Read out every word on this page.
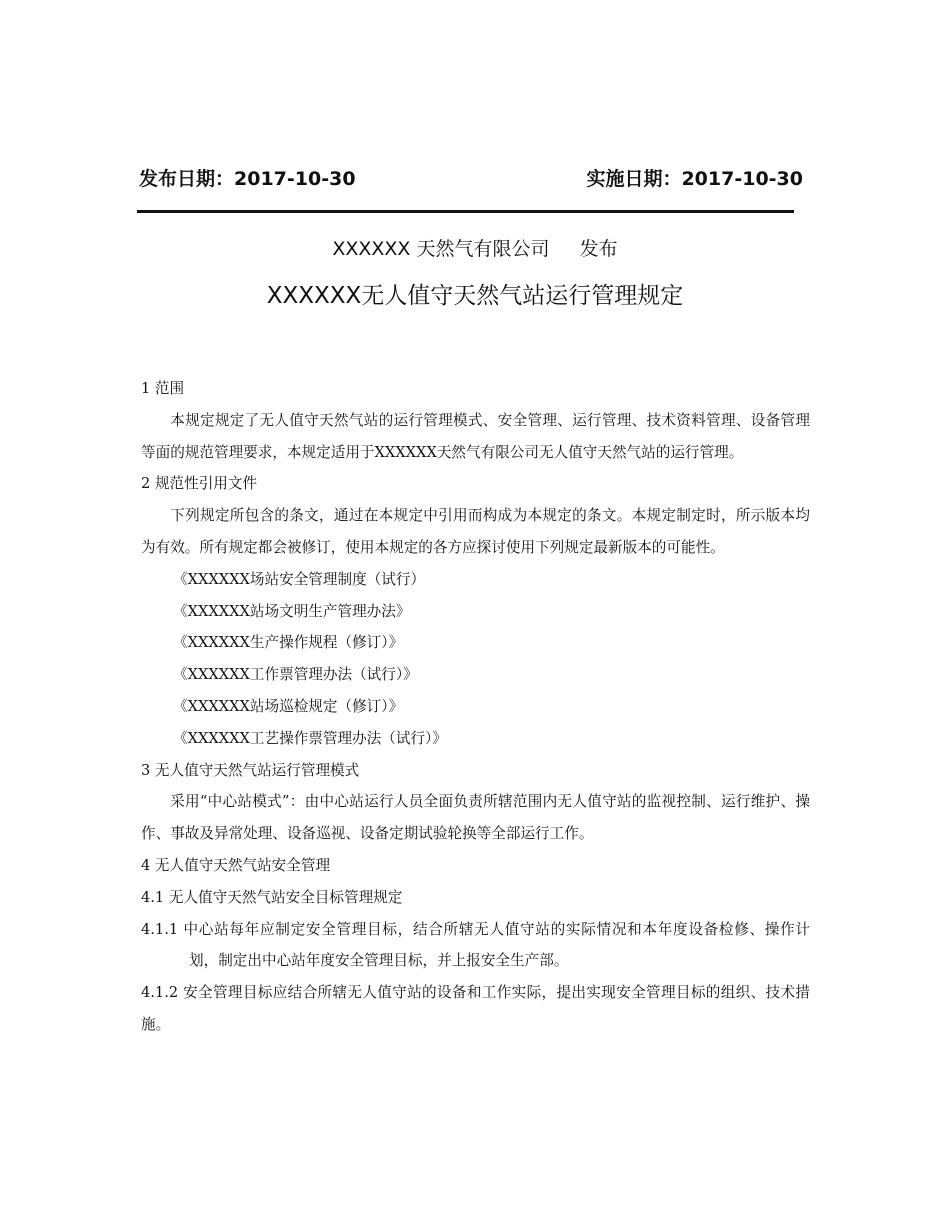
发布日期：2017-10-30	实施日期：2017-10-30
XXXXXX 天然气有限公司     发布
XXXXXX无人值守天然气站运行管理规定

1 范围

本规定规定了无人值守天然气站的运行管理模式、安全管理、运行管理、技术资料管理、设备管理等面的规范管理要求，本规定适用于XXXXXX天然气有限公司无人值守天然气站的运行管理。

2 规范性引用文件

下列规定所包含的条文，通过在本规定中引用而构成为本规定的条文。本规定制定时，所示版本均为有效。所有规定都会被修订，使用本规定的各方应探讨使用下列规定最新版本的可能性。

《XXXXXX场站安全管理制度（试行）

《XXXXXX站场文明生产管理办法》

《XXXXXX生产操作规程（修订）》

《XXXXXX工作票管理办法（试行）》

《XXXXXX站场巡检规定（修订）》

《XXXXXX工艺操作票管理办法（试行）》

3 无人值守天然气站运行管理模式

采用“中心站模式”：由中心站运行人员全面负责所辖范围内无人值守站的监视控制、运行维护、操作、事故及异常处理、设备巡视、设备定期试验轮换等全部运行工作。

4 无人值守天然气站安全管理

4.1 无人值守天然气站安全目标管理规定

4.1.1 中心站每年应制定安全管理目标，结合所辖无人值守站的实际情况和本年度设备检修、操作计划，制定出中心站年度安全管理目标，并上报安全生产部。

4.1.2 安全管理目标应结合所辖无人值守站的设备和工作实际，提出实现安全管理目标的组织、技术措施。
